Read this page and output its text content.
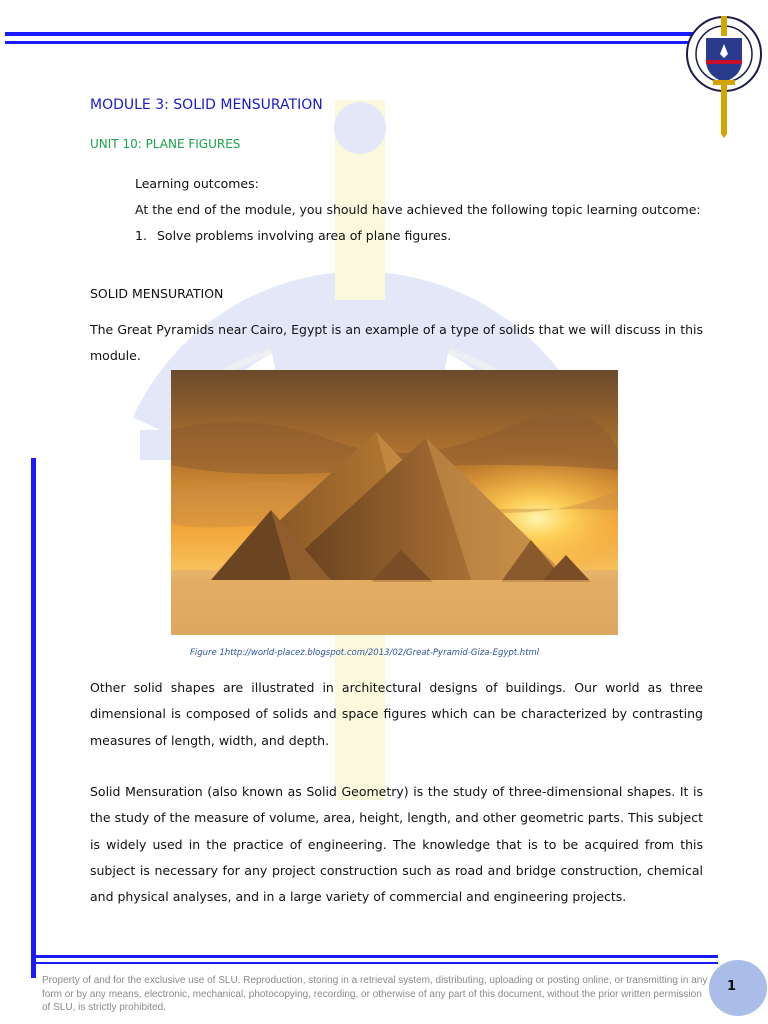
MODULE 3: SOLID MENSURATION
UNIT 10: PLANE FIGURES
Learning outcomes:
At the end of the module, you should have achieved the following topic learning outcome:
1. Solve problems involving area of plane figures.
SOLID MENSURATION
The Great Pyramids near Cairo, Egypt is an example of a type of solids that we will discuss in this module.
Figure 1http://world-placez.blogspot.com/2013/02/Great-Pyramid-Giza-Egypt.html
Other solid shapes are illustrated in architectural designs of buildings. Our world as three dimensional is composed of solids and space figures which can be characterized by contrasting measures of length, width, and depth.
Solid Mensuration (also known as Solid Geometry) is the study of three-dimensional shapes. It is the study of the measure of volume, area, height, length, and other geometric parts. This subject is widely used in the practice of engineering. The knowledge that is to be acquired from this subject is necessary for any project construction such as road and bridge construction, chemical and physical analyses, and in a large variety of commercial and engineering projects.
Property of and for the exclusive use of SLU. Reproduction, storing in a retrieval system, distributing, uploading or posting online, or transmitting in any form or by any means, electronic, mechanical, photocopying, recording, or otherwise of any part of this document, without the prior written permission of SLU, is strictly prohibited.
1
